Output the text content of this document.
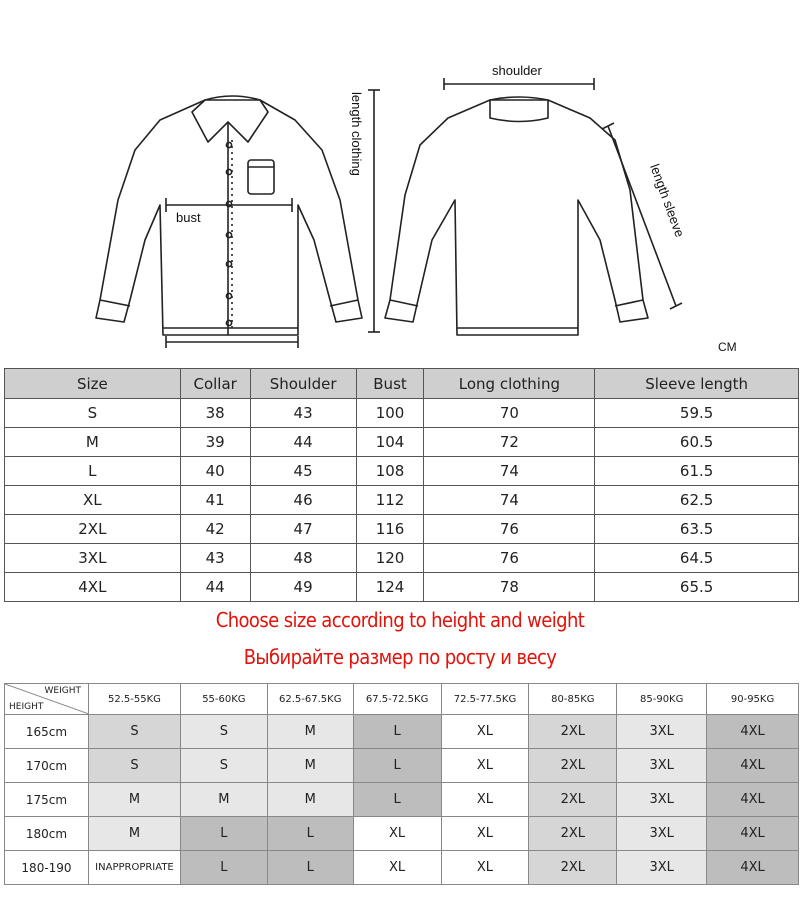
bust
shoulder
length clothing
length sleeve
CM
Size	Collar	Shoulder	Bust	Long clothing	Sleeve length
S	38	43	100	70	59.5
M	39	44	104	72	60.5
L	40	45	108	74	61.5
XL	41	46	112	74	62.5
2XL	42	47	116	76	63.5
3XL	43	48	120	76	64.5
4XL	44	49	124	78	65.5
Choose size according to height and weight
Выбирайте размер по росту и весу
WEIGHT
HEIGHT	52.5-55KG	55-60KG	62.5-67.5KG	67.5-72.5KG	72.5-77.5KG	80-85KG	85-90KG	90-95KG
165cm	S	S	M	L	XL	2XL	3XL	4XL
170cm	S	S	M	L	XL	2XL	3XL	4XL
175cm	M	M	M	L	XL	2XL	3XL	4XL
180cm	M	L	L	XL	XL	2XL	3XL	4XL
180-190	INAPPROPRIATE	L	L	XL	XL	2XL	3XL	4XL
